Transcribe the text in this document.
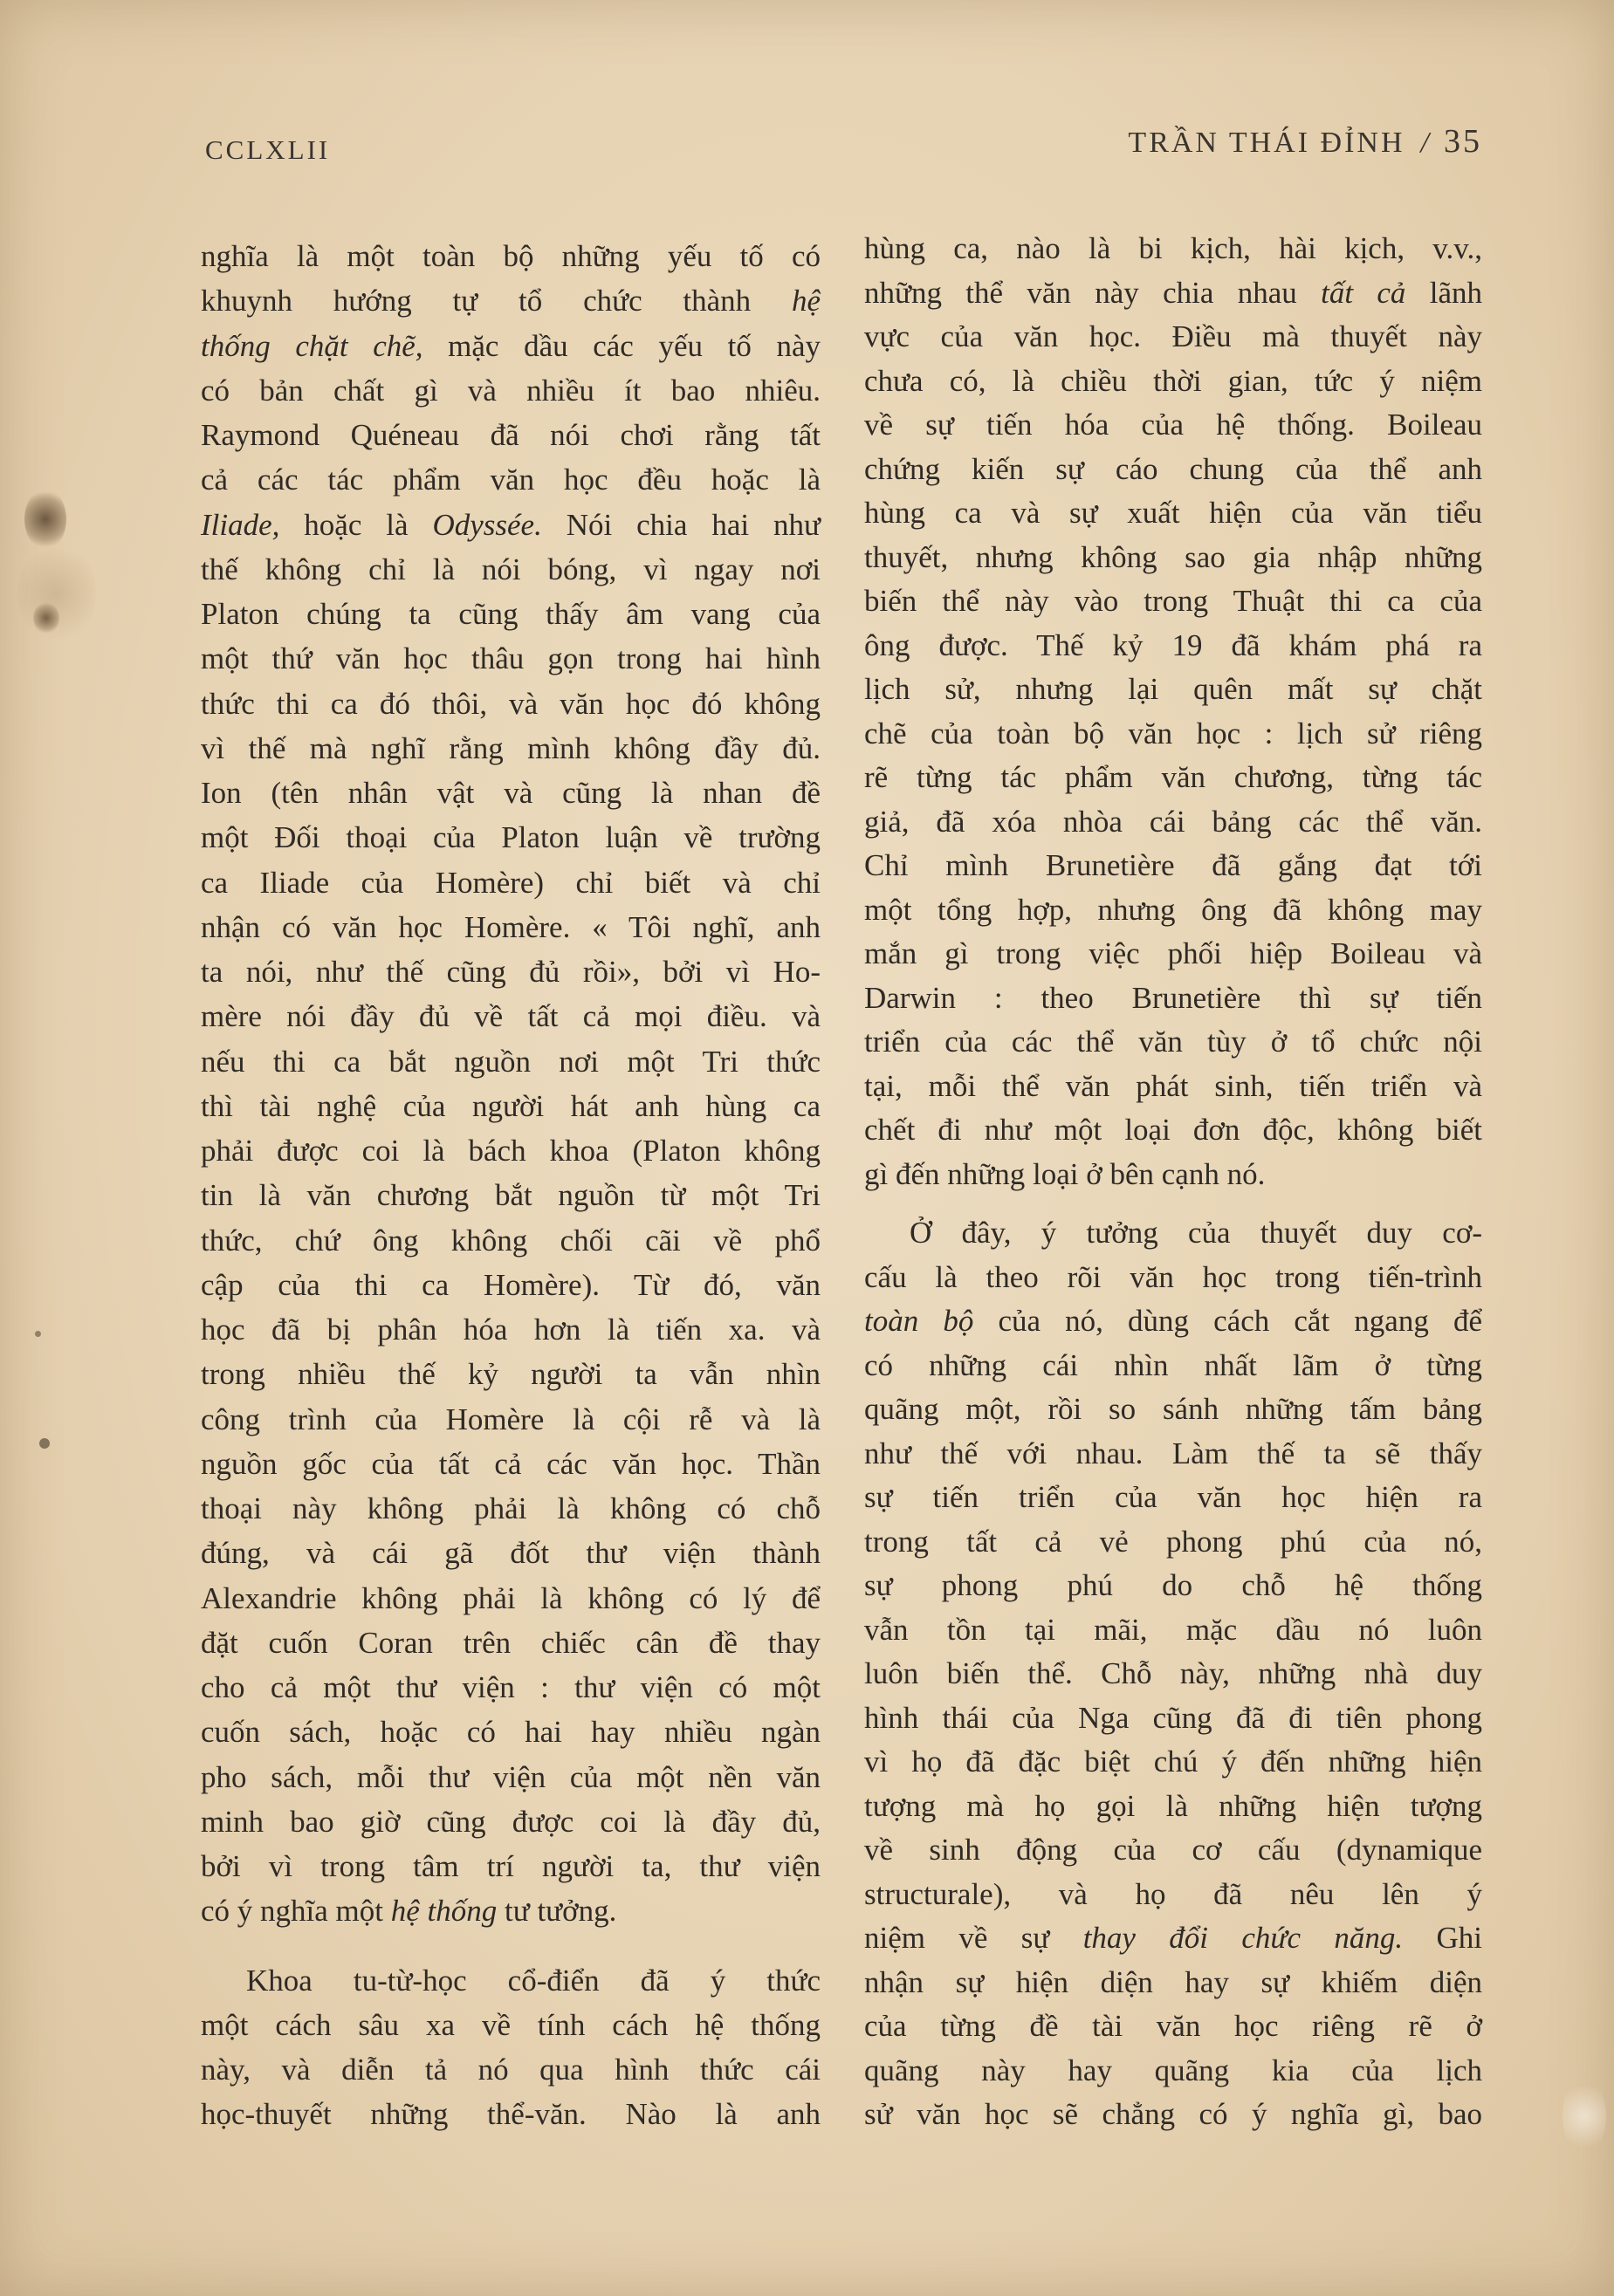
CCLXLII	TRẦN THÁI ĐỈNH / 35
nghĩa là một toàn bộ những yếu tố có
khuynh hướng tự tổ chức thành hệ
thống chặt chẽ, mặc dầu các yếu tố này
có bản chất gì và nhiều ít bao nhiêu.
Raymond Quéneau đã nói chơi rằng tất
cả các tác phẩm văn học đều hoặc là
Iliade, hoặc là Odyssée. Nói chia hai như
thế không chỉ là nói bóng, vì ngay nơi
Platon chúng ta cũng thấy âm vang của
một thứ văn học thâu gọn trong hai hình
thức thi ca đó thôi, và văn học đó không
vì thế mà nghĩ rằng mình không đầy đủ.
Ion (tên nhân vật và cũng là nhan đề
một Đối thoại của Platon luận về trường
ca Iliade của Homère) chỉ biết và chỉ
nhận có văn học Homère. « Tôi nghĩ, anh
ta nói, như thế cũng đủ rồi», bởi vì Ho-
mère nói đầy đủ về tất cả mọi điều. và
nếu thi ca bắt nguồn nơi một Tri thức
thì tài nghệ của người hát anh hùng ca
phải được coi là bách khoa (Platon không
tin là văn chương bắt nguồn từ một Tri
thức, chứ ông không chối cãi về phổ
cập của thi ca Homère). Từ đó, văn
học đã bị phân hóa hơn là tiến xa. và
trong nhiều thế kỷ người ta vẫn nhìn
công trình của Homère là cội rễ và là
nguồn gốc của tất cả các văn học. Thần
thoại này không phải là không có chỗ
đúng, và cái gã đốt thư viện thành
Alexandrie không phải là không có lý để
đặt cuốn Coran trên chiếc cân đề thay
cho cả một thư viện : thư viện có một
cuốn sách, hoặc có hai hay nhiều ngàn
pho sách, mỗi thư viện của một nền văn
minh bao giờ cũng được coi là đầy đủ,
bởi vì trong tâm trí người ta, thư viện
có ý nghĩa một hệ thống tư tưởng.
Khoa tu-từ-học cổ-điển đã ý thức
một cách sâu xa về tính cách hệ thống
này, và diễn tả nó qua hình thức cái
học-thuyết những thể-văn. Nào là anh
hùng ca, nào là bi kịch, hài kịch, v.v.,
những thể văn này chia nhau tất cả lãnh
vực của văn học. Điều mà thuyết này
chưa có, là chiều thời gian, tức ý niệm
về sự tiến hóa của hệ thống. Boileau
chứng kiến sự cáo chung của thể anh
hùng ca và sự xuất hiện của văn tiểu
thuyết, nhưng không sao gia nhập những
biến thể này vào trong Thuật thi ca của
ông được. Thế kỷ 19 đã khám phá ra
lịch sử, nhưng lại quên mất sự chặt
chẽ của toàn bộ văn học : lịch sử riêng
rẽ từng tác phẩm văn chương, từng tác
giả, đã xóa nhòa cái bảng các thể văn.
Chỉ mình Brunetière đã gắng đạt tới
một tổng hợp, nhưng ông đã không may
mắn gì trong việc phối hiệp Boileau và
Darwin : theo Brunetière thì sự tiến
triển của các thể văn tùy ở tổ chức nội
tại, mỗi thể văn phát sinh, tiến triển và
chết đi như một loại đơn độc, không biết
gì đến những loại ở bên cạnh nó.
Ở đây, ý tưởng của thuyết duy cơ-
cấu là theo rõi văn học trong tiến-trình
toàn bộ của nó, dùng cách cắt ngang để
có những cái nhìn nhất lãm ở từng
quãng một, rồi so sánh những tấm bảng
như thế với nhau. Làm thế ta sẽ thấy
sự tiến triển của văn học hiện ra
trong tất cả vẻ phong phú của nó,
sự phong phú do chỗ hệ thống
vẫn tồn tại mãi, mặc dầu nó luôn
luôn biến thể. Chỗ này, những nhà duy
hình thái của Nga cũng đã đi tiên phong
vì họ đã đặc biệt chú ý đến những hiện
tượng mà họ gọi là những hiện tượng
về sinh động của cơ cấu (dynamique
structurale), và họ đã nêu lên ý
niệm về sự thay đổi chức năng. Ghi
nhận sự hiện diện hay sự khiếm diện
của từng đề tài văn học riêng rẽ ở
quãng này hay quãng kia của lịch
sử văn học sẽ chẳng có ý nghĩa gì, bao
